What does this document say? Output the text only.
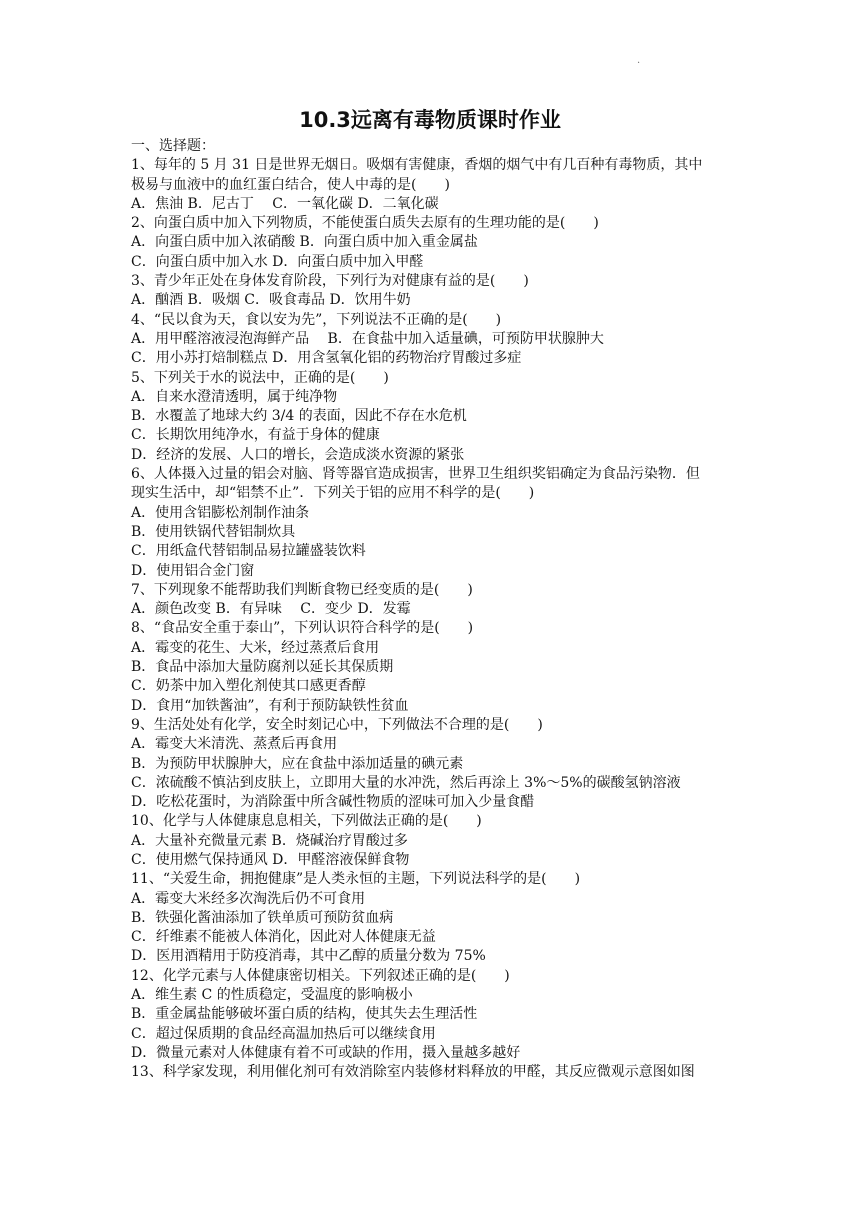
·
10.3远离有毒物质课时作业
一、选择题：
1、每年的 5 月 31 日是世界无烟日。吸烟有害健康，香烟的烟气中有几百种有毒物质，其中
极易与血液中的血红蛋白结合，使人中毒的是(　　)
A．焦油 B．尼古丁　 C．一氧化碳 D．二氧化碳
2、向蛋白质中加入下列物质，不能使蛋白质失去原有的生理功能的是(　　)
A．向蛋白质中加入浓硝酸 B．向蛋白质中加入重金属盐
C．向蛋白质中加入水 D．向蛋白质中加入甲醛
3、青少年正处在身体发育阶段，下列行为对健康有益的是(　　)
A．酗酒 B．吸烟 C．吸食毒品 D．饮用牛奶
4、“民以食为天，食以安为先”，下列说法不正确的是(　　)
A．用甲醛溶液浸泡海鲜产品　 B．在食盐中加入适量碘，可预防甲状腺肿大
C．用小苏打焙制糕点 D．用含氢氧化铝的药物治疗胃酸过多症
5、下列关于水的说法中，正确的是(　　)
A．自来水澄清透明，属于纯净物
B．水覆盖了地球大约 3/4 的表面，因此不存在水危机
C．长期饮用纯净水，有益于身体的健康
D．经济的发展、人口的增长，会造成淡水资源的紧张
6、人体摄入过量的铝会对脑、肾等器官造成损害，世界卫生组织奖铝确定为食品污染物．但
现实生活中，却“铝禁不止”．下列关于铝的应用不科学的是(　　)
A．使用含铝膨松剂制作油条
B．使用铁锅代替铝制炊具
C．用纸盒代替铝制品易拉罐盛装饮料
D．使用铝合金门窗
7、下列现象不能帮助我们判断食物已经变质的是(　　)
A．颜色改变 B．有异味　 C．变少 D．发霉
8、“食品安全重于泰山”，下列认识符合科学的是(　　)
A．霉变的花生、大米，经过蒸煮后食用
B．食品中添加大量防腐剂以延长其保质期
C．奶茶中加入塑化剂使其口感更香醇
D．食用“加铁酱油”，有利于预防缺铁性贫血
9、生活处处有化学，安全时刻记心中，下列做法不合理的是(　　)
A．霉变大米清洗、蒸煮后再食用
B．为预防甲状腺肿大，应在食盐中添加适量的碘元素
C．浓硫酸不慎沾到皮肤上，立即用大量的水冲洗，然后再涂上 3%～5%的碳酸氢钠溶液
D．吃松花蛋时，为消除蛋中所含碱性物质的涩味可加入少量食醋
10、化学与人体健康息息相关，下列做法正确的是(　　)
A．大量补充微量元素 B．烧碱治疗胃酸过多
C．使用燃气保持通风 D．甲醛溶液保鲜食物
11、“关爱生命，拥抱健康”是人类永恒的主题，下列说法科学的是(　　)
A．霉变大米经多次淘洗后仍不可食用
B．铁强化酱油添加了铁单质可预防贫血病
C．纤维素不能被人体消化，因此对人体健康无益
D．医用酒精用于防疫消毒，其中乙醇的质量分数为 75%
12、化学元素与人体健康密切相关。下列叙述正确的是(　　)
A．维生素 C 的性质稳定，受温度的影响极小
B．重金属盐能够破坏蛋白质的结构，使其失去生理活性
C．超过保质期的食品经高温加热后可以继续食用
D．微量元素对人体健康有着不可或缺的作用，摄入量越多越好
13、科学家发现，利用催化剂可有效消除室内装修材料释放的甲醛，其反应微观示意图如图
